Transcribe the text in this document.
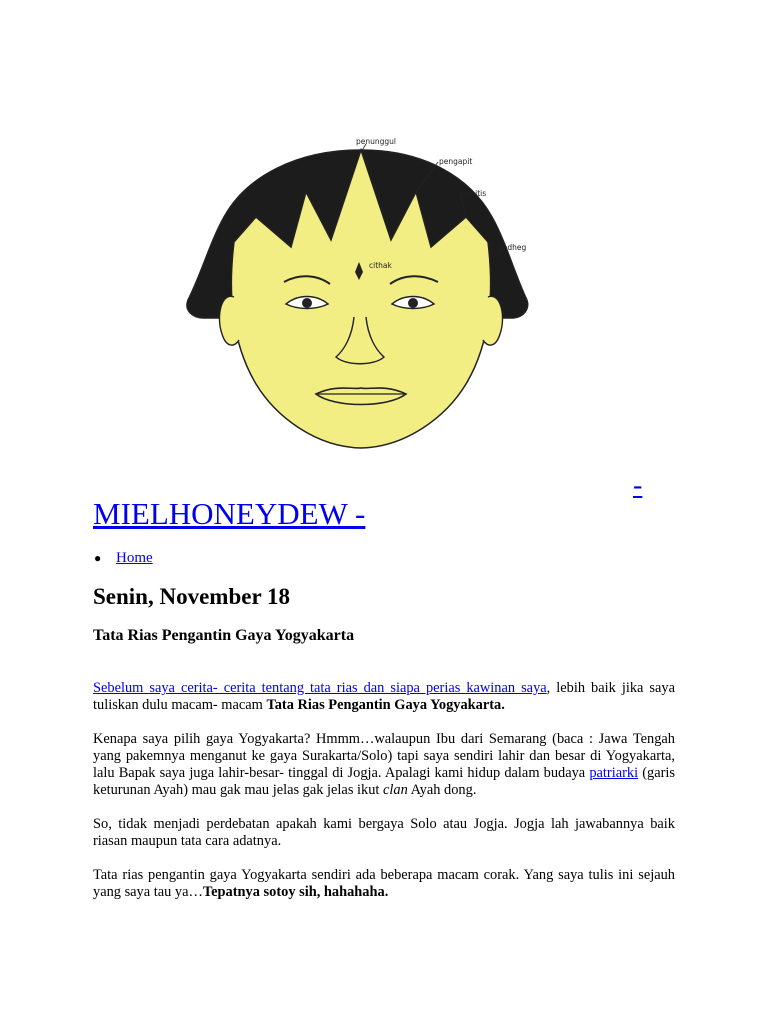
penunggul
pengapit
penitis
godheg
cithak
-
MIELHONEYDEW -
● Home
Senin, November 18
Tata Rias Pengantin Gaya Yogyakarta

Sebelum saya cerita- cerita tentang tata rias dan siapa perias kawinan saya, lebih baik jika saya tuliskan dulu macam- macam Tata Rias Pengantin Gaya Yogyakarta.

Kenapa saya pilih gaya Yogyakarta? Hmmm…walaupun Ibu dari Semarang (baca : Jawa Tengah yang pakemnya menganut ke gaya Surakarta/Solo) tapi saya sendiri lahir dan besar di Yogyakarta, lalu Bapak saya juga lahir-besar- tinggal di Jogja. Apalagi kami hidup dalam budaya patriarki (garis keturunan Ayah) mau gak mau jelas gak jelas ikut clan Ayah dong.

So, tidak menjadi perdebatan apakah kami bergaya Solo atau Jogja. Jogja lah jawabannya baik riasan maupun tata cara adatnya.

Tata rias pengantin gaya Yogyakarta sendiri ada beberapa macam corak. Yang saya tulis ini sejauh yang saya tau ya…Tepatnya sotoy sih, hahahaha.
